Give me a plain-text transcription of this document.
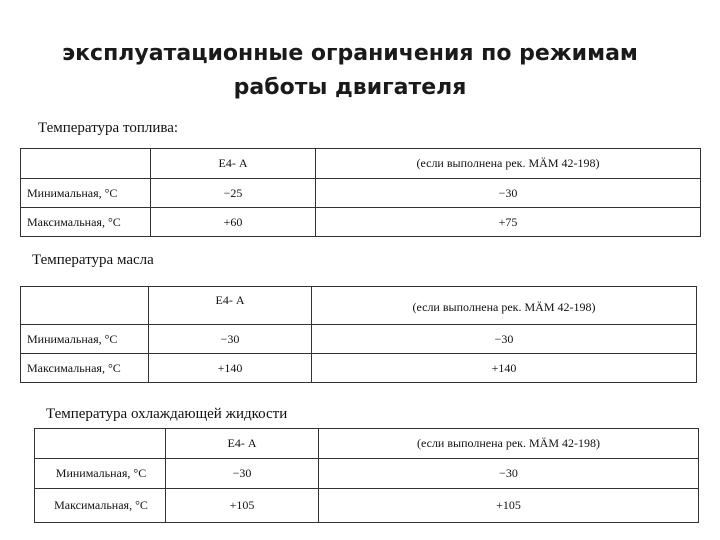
эксплуатационные ограничения по режимам
работы двигателя
Температура топлива:
	Е4- А	(если выполнена рек. MÄM 42-198)
Минимальная, °С	−25	−30
Максимальная, °С	+60	+75
Температура масла
	Е4- А	(если выполнена рек. MÄM 42-198)
Минимальная, °С	−30	−30
Максимальная, °С	+140	+140
Температура охлаждающей жидкости
	Е4- А	(если выполнена рек. MÄM 42-198)
Минимальная, °С	−30	−30
Максимальная, °С	+105	+105
